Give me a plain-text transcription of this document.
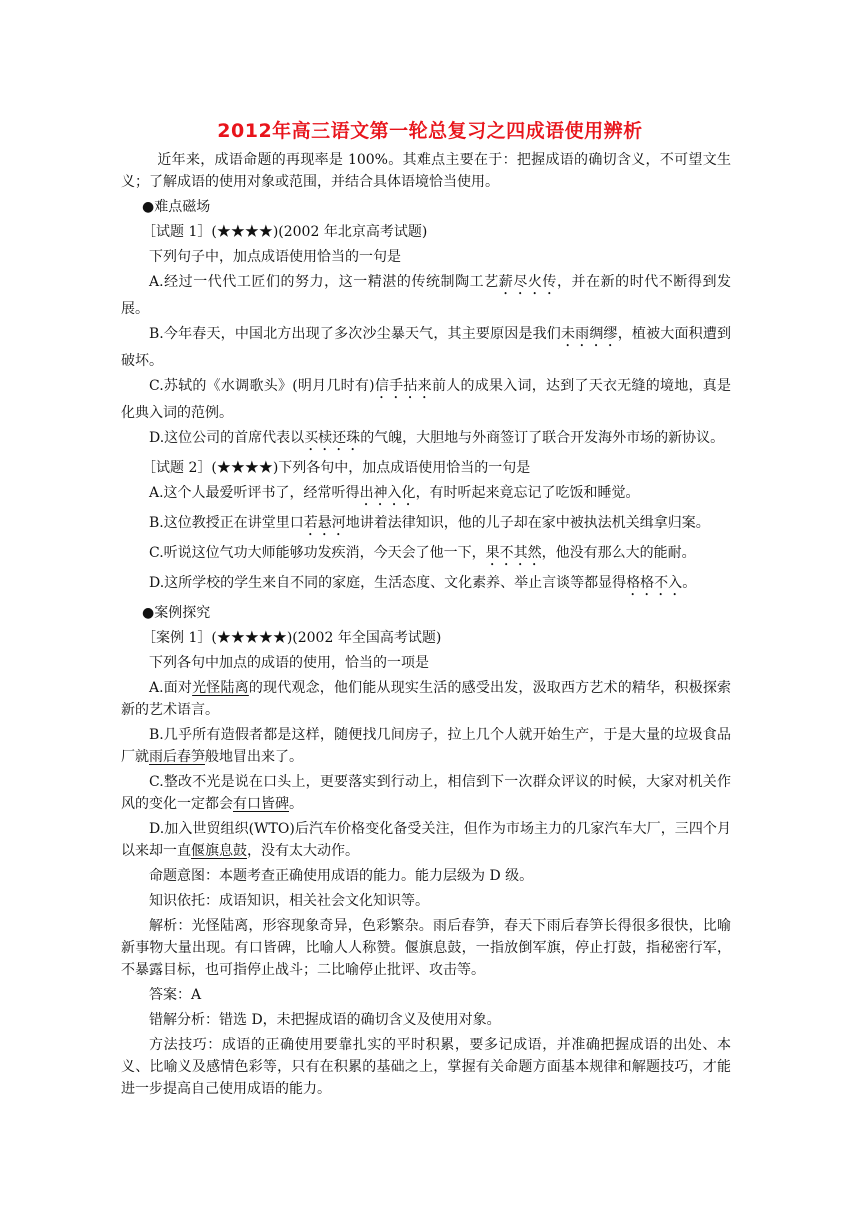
2012年高三语文第一轮总复习之四成语使用辨析

近年来，成语命题的再现率是 100%。其难点主要在于：把握成语的确切含义，不可望文生义；了解成语的使用对象或范围，并结合具体语境恰当使用。

●难点磁场

［试题 1］(★★★★)(2002 年北京高考试题)

下列句子中，加点成语使用恰当的一句是

A.经过一代代工匠们的努力，这一精湛的传统制陶工艺薪尽火传，并在新的时代不断得到发展。

B.今年春天，中国北方出现了多次沙尘暴天气，其主要原因是我们未雨绸缪，植被大面积遭到破坏。

C.苏轼的《水调歌头》(明月几时有)信手拈来前人的成果入词，达到了天衣无缝的境地，真是化典入词的范例。

D.这位公司的首席代表以买椟还珠的气魄，大胆地与外商签订了联合开发海外市场的新协议。

［试题 2］(★★★★)下列各句中，加点成语使用恰当的一句是

A.这个人最爱听评书了，经常听得出神入化，有时听起来竟忘记了吃饭和睡觉。

B.这位教授正在讲堂里口若悬河地讲着法律知识，他的儿子却在家中被执法机关缉拿归案。

C.听说这位气功大师能够功发疾消，今天会了他一下，果不其然，他没有那么大的能耐。

D.这所学校的学生来自不同的家庭，生活态度、文化素养、举止言谈等都显得格格不入。

●案例探究

［案例 1］(★★★★★)(2002 年全国高考试题)

下列各句中加点的成语的使用，恰当的一项是

A.面对光怪陆离的现代观念，他们能从现实生活的感受出发，汲取西方艺术的精华，积极探索新的艺术语言。

B.几乎所有造假者都是这样，随便找几间房子，拉上几个人就开始生产，于是大量的垃圾食品厂就雨后春笋般地冒出来了。

C.整改不光是说在口头上，更要落实到行动上，相信到下一次群众评议的时候，大家对机关作风的变化一定都会有口皆碑。

D.加入世贸组织(WTO)后汽车价格变化备受关注，但作为市场主力的几家汽车大厂，三四个月以来却一直偃旗息鼓，没有太大动作。

命题意图：本题考查正确使用成语的能力。能力层级为 D 级。

知识依托：成语知识，相关社会文化知识等。

解析：光怪陆离，形容现象奇异，色彩繁杂。雨后春笋，春天下雨后春笋长得很多很快，比喻新事物大量出现。有口皆碑，比喻人人称赞。偃旗息鼓，一指放倒军旗，停止打鼓，指秘密行军，不暴露目标，也可指停止战斗；二比喻停止批评、攻击等。

答案：A

错解分析：错选 D，未把握成语的确切含义及使用对象。

方法技巧：成语的正确使用要靠扎实的平时积累，要多记成语，并准确把握成语的出处、本义、比喻义及感情色彩等，只有在积累的基础之上，掌握有关命题方面基本规律和解题技巧，才能进一步提高自己使用成语的能力。
